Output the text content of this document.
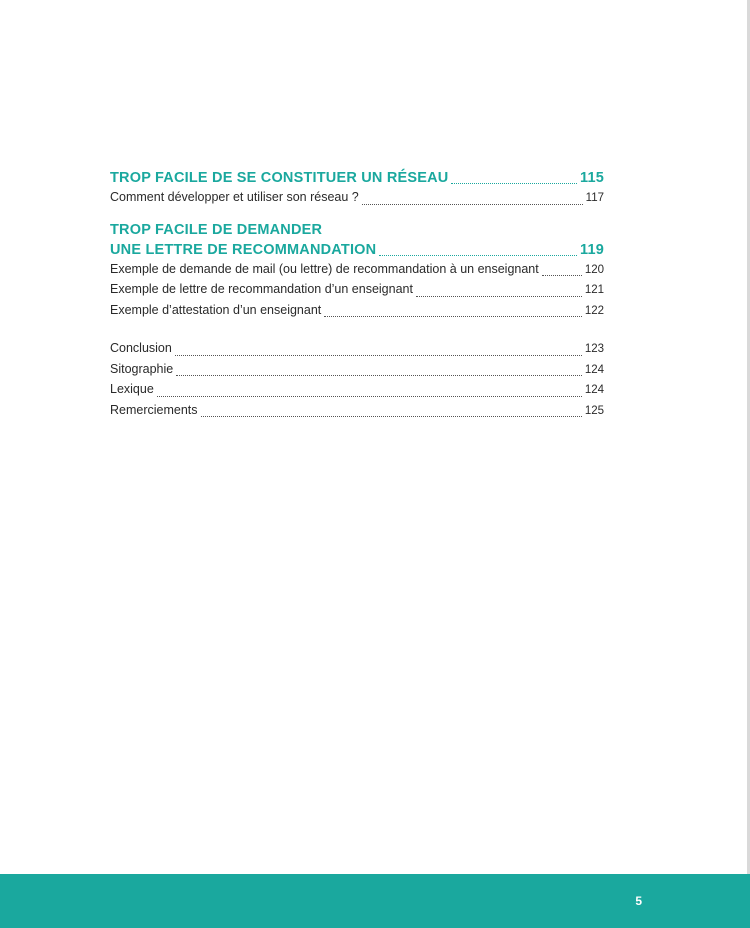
TROP FACILE DE SE CONSTITUER UN RÉSEAU	115
Comment développer et utiliser son réseau ?	117
TROP FACILE DE DEMANDER
UNE LETTRE DE RECOMMANDATION	119
Exemple de demande de mail (ou lettre) de recommandation à un enseignant	120
Exemple de lettre de recommandation d’un enseignant	121
Exemple d’attestation d’un enseignant	122
Conclusion	123
Sitographie	124
Lexique	124
Remerciements	125
5
